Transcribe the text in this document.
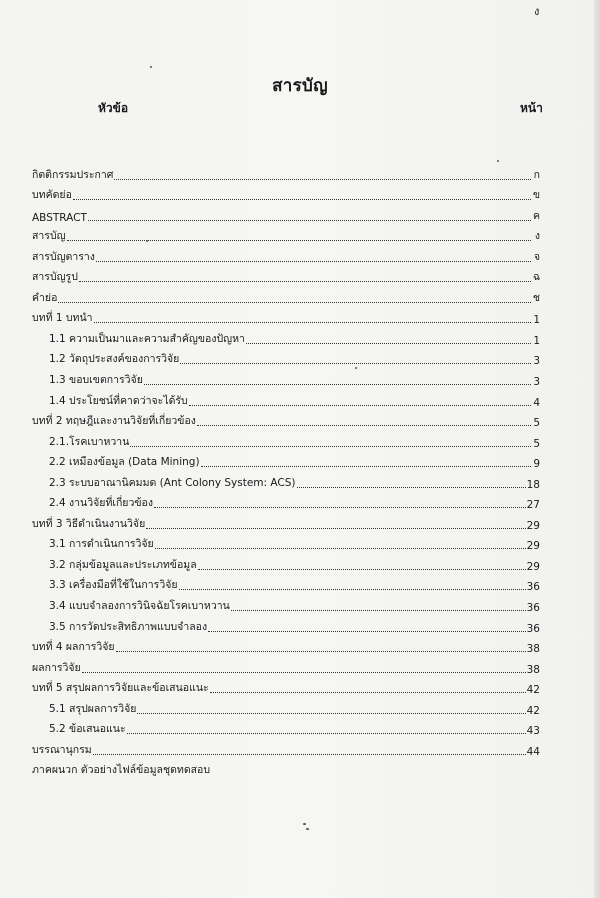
ง
สารบัญ
หัวข้อ	หน้า
กิตติกรรมประกาศ	ก
บทคัดย่อ	ข
ABSTRACT	ค
สารบัญ	ง
สารบัญตาราง	จ
สารบัญรูป	ฉ
คำย่อ	ช
บทที่ 1 บทนำ	1
1.1 ความเป็นมาและความสำคัญของปัญหา	1
1.2 วัตถุประสงค์ของการวิจัย	3
1.3 ขอบเขตการวิจัย	3
1.4 ประโยชน์ที่คาดว่าจะได้รับ	4
บทที่ 2 ทฤษฎีและงานวิจัยที่เกี่ยวข้อง	5
2.1.โรคเบาหวาน	5
2.2 เหมืองข้อมูล (Data Mining)	9
2.3 ระบบอาณานิคมมด (Ant Colony System: ACS)	18
2.4 งานวิจัยที่เกี่ยวข้อง	27
บทที่ 3 วิธีดำเนินงานวิจัย	29
3.1 การดำเนินการวิจัย	29
3.2 กลุ่มข้อมูลและประเภทข้อมูล	29
3.3 เครื่องมือที่ใช้ในการวิจัย	36
3.4 แบบจำลองการวินิจฉัยโรคเบาหวาน	36
3.5 การวัดประสิทธิภาพแบบจำลอง	36
บทที่ 4 ผลการวิจัย	38
ผลการวิจัย	38
บทที่ 5 สรุปผลการวิจัยและข้อเสนอแนะ	42
5.1 สรุปผลการวิจัย	42
5.2 ข้อเสนอแนะ	43
บรรณานุกรม	44
ภาคผนวก ตัวอย่างไฟล์ข้อมูลชุดทดสอบ
